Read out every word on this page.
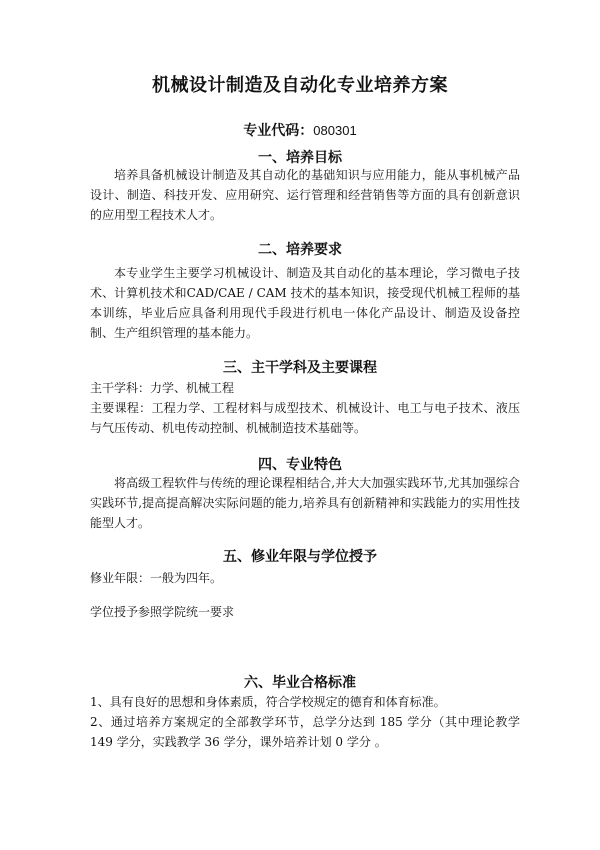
机械设计制造及自动化专业培养方案
专业代码：080301
一、培养目标

培养具备机械设计制造及其自动化的基础知识与应用能力，能从事机械产品设计、制造、科技开发、应用研究、运行管理和经营销售等方面的具有创新意识的应用型工程技术人才。

二、培养要求

本专业学生主要学习机械设计、制造及其自动化的基本理论，学习微电子技术、计算机技术和CAD/CAE / CAM 技术的基本知识，接受现代机械工程师的基本训练，毕业后应具备利用现代手段进行机电一体化产品设计、制造及设备控制、生产组织管理的基本能力。

三、主干学科及主要课程

主干学科：力学、机械工程

主要课程：工程力学、工程材料与成型技术、机械设计、电工与电子技术、液压与气压传动、机电传动控制、机械制造技术基础等。

四、专业特色

将高级工程软件与传统的理论课程相结合,并大大加强实践环节,尤其加强综合实践环节,提高提高解决实际问题的能力,培养具有创新精神和实践能力的实用性技能型人才。

五、修业年限与学位授予

修业年限：一般为四年。

学位授予参照学院统一要求

六、毕业合格标准

1、具有良好的思想和身体素质，符合学校规定的德育和体育标准。

2、通过培养方案规定的全部教学环节，总学分达到 185 学分（其中理论教学 149 学分，实践教学 36 学分，课外培养计划 0 学分 。
